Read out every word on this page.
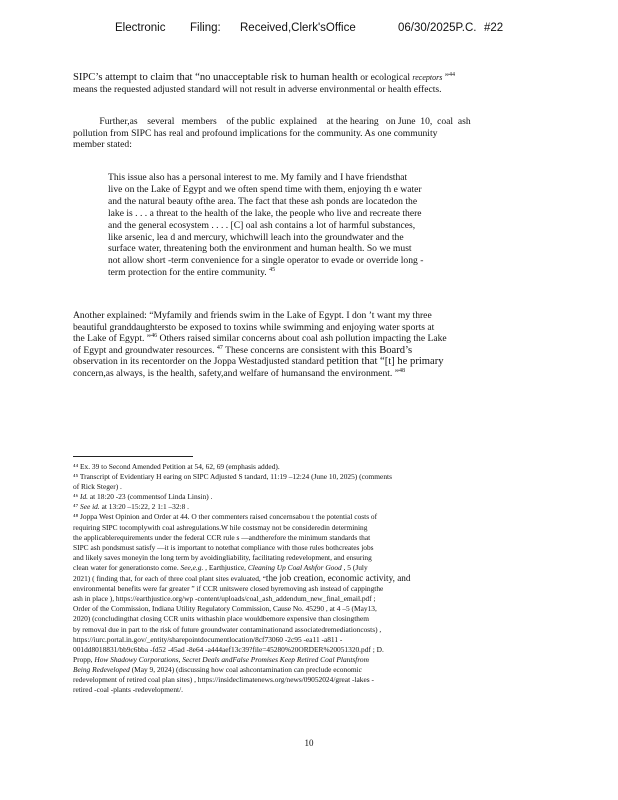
Electronic Filing: Received,Clerk'sOffice	06/30/2025P.C. #22
SIPC’s attempt to claim that “no unacceptable risk to human health or ecological receptors ”$^{44}$
means the requested adjusted standard will not result in adverse environmental or health effects.
Further,as    several   members    of the public  explained    at the hearing   on June  10,  coal  ash
pollution from SIPC has real and profound implications for the community. As one community
member stated:
This issue also has a personal interest to me. My family and I have friendsthat
live on the Lake of Egypt and we often spend time with them, enjoying th e water
and the natural beauty ofthe area. The fact that these ash ponds are locatedon the
lake is . . . a threat to the health of the lake, the people who live and recreate there
and the general ecosystem . . . . [C] oal ash contains a lot of harmful substances,
like arsenic, lea d and mercury, whichwill leach into the groundwater and the
surface water, threatening both the environment and human health. So we must
not allow short -term convenience for a single operator to evade or override long -
term protection for the entire community. $^{45}$
Another explained: “Myfamily and friends swim in the Lake of Egypt. I don ’t want my three
beautiful granddaughtersto be exposed to toxins while swimming and enjoying water sports at
the Lake of Egypt. ”$^{46}$ Others raised similar concerns about coal ash pollution impacting the Lake
of Egypt and groundwater resources. $^{47}$ These concerns are consistent with this Board’s
observation in its recentorder on the Joppa Westadjusted standard petition that “[t] he primary
concern,as always, is the health, safety,and welfare of humansand the environment. ”$^{48}$
⁴⁴ Ex. 39 to Second Amended Petition at 54, 62, 69 (emphasis added).
⁴⁵ Transcript of Evidentiary H earing on SIPC Adjusted S tandard, 11:19 –12:24 (June 10, 2025) (comments
of Rick Steger) .
⁴⁶ Id. at 18:20 -23 (commentsof Linda Linsin) .
⁴⁷ See id. at 13:20 –15:22, 2 1:1 –32:8 .
⁴⁸ Joppa West Opinion and Order at 44. O ther commenters raised concernsabou t the potential costs of
requiring SIPC tocomplywith coal ashregulations.W hile costsmay not be consideredin determining
the applicablerequirements under the federal CCR rule s —andtherefore the minimum standards that
SIPC ash pondsmust satisfy —it is important to notethat compliance with those rules bothcreates jobs
and likely saves moneyin the long term by avoidingliability, facilitating redevelopment, and ensuring
clean water for generationsto come. See,e.g. , Earthjustice, Cleaning Up Coal Ashfor Good , 5 (July
2021) ( finding that, for each of three coal plant sites evaluated, “the job creation, economic activity, and
environmental benefits were far greater ” if CCR unitswere closed byremoving ash instead of cappingthe
ash in place ), https://earthjustice.org/wp -content/uploads/coal_ash_addendum_new_final_email.pdf ;
Order of the Commission, Indiana Utility Regulatory Commission, Cause No. 45290 , at 4 –5 (May13,
2020) (concludingthat closing CCR units withashin place wouldbemore expensive than closingthem
by removal due in part to the risk of future groundwater contaminationand associatedremediationcosts) ,
https://iurc.portal.in.gov/_entity/sharepointdocumentlocation/8cf73060 -2c95 -ea11 -a811 -
001dd8018831/bb9c6bba -fd52 -45ad -8e64 -a444aef13c39?file=45280%20ORDER%20051320.pdf ; D.
Propp, How Shadowy Corporations, Secret Deals andFalse Promises Keep Retired Coal Plantsfrom
Being Redeveloped (May 9, 2024) (discussing how coal ashcontamination can preclude economic
redevelopment of retired coal plan sites) , https://insideclimatenews.org/news/09052024/great -lakes -
retired -coal -plants -redevelopment/.
10
